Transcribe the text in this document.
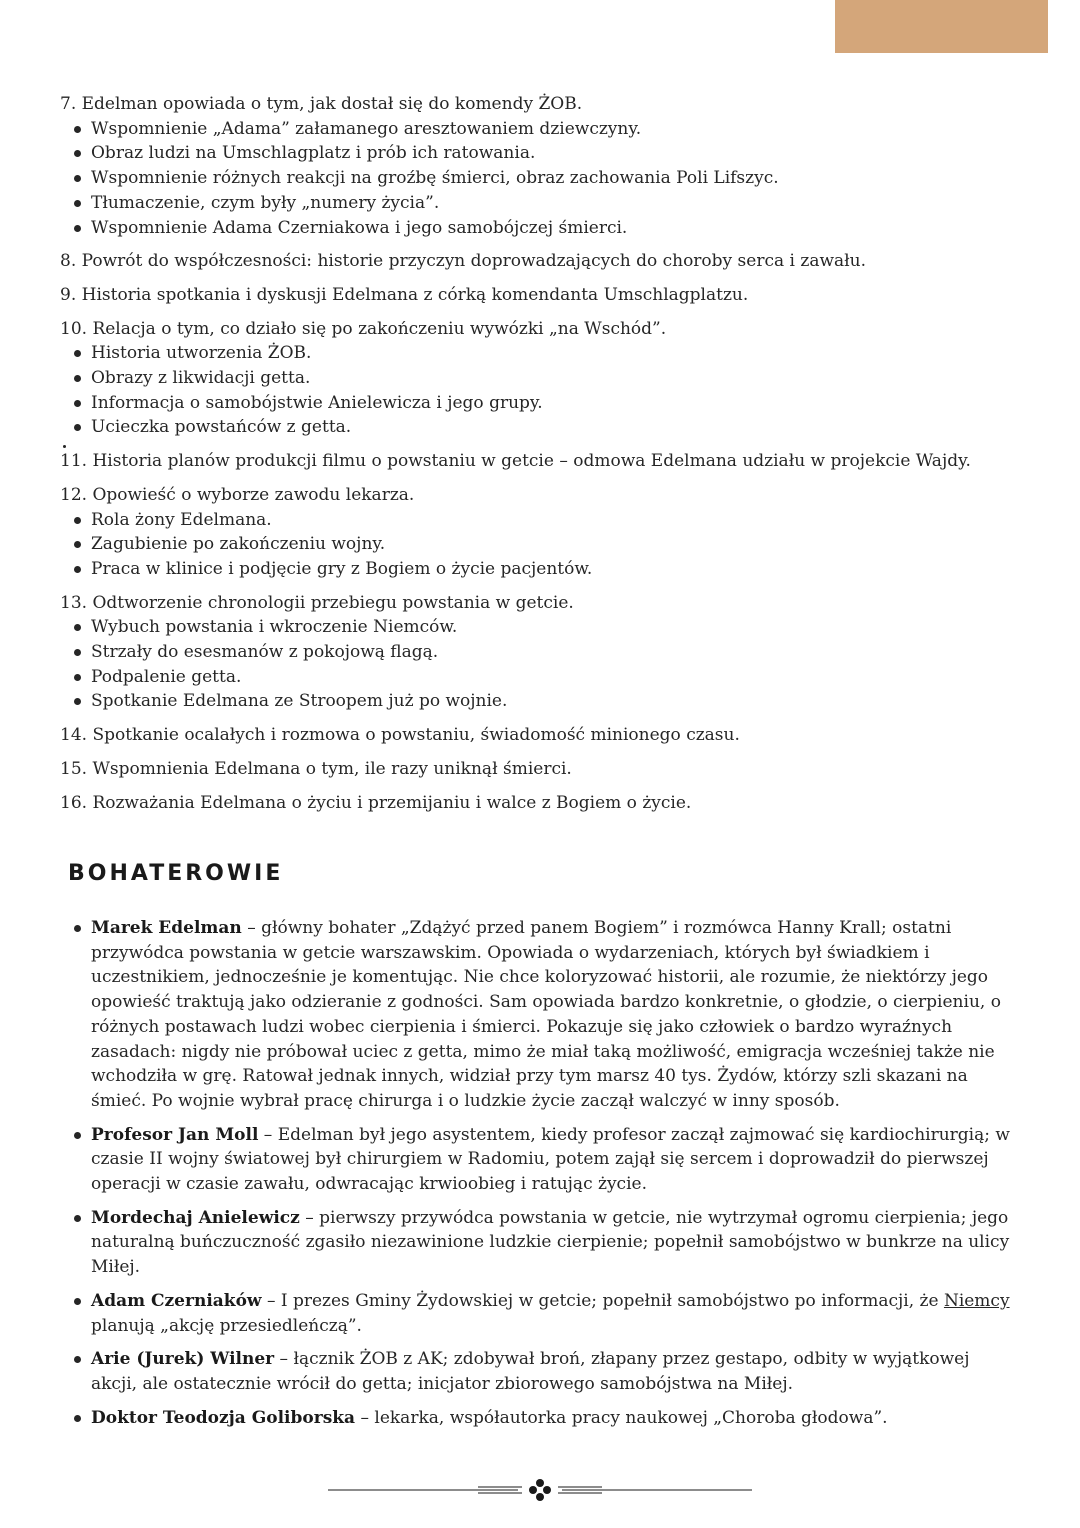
7. Edelman opowiada o tym, jak dostał się do komendy ŻOB.
Wspomnienie „Adama” załamanego aresztowaniem dziewczyny.
Obraz ludzi na Umschlagplatz i prób ich ratowania.
Wspomnienie różnych reakcji na groźbę śmierci, obraz zachowania Poli Lifszyc.
Tłumaczenie, czym były „numery życia”.
Wspomnienie Adama Czerniakowa i jego samobójczej śmierci.
8. Powrót do współczesności: historie przyczyn doprowadzających do choroby serca i zawału.
9. Historia spotkania i dyskusji Edelmana z córką komendanta Umschlagplatzu.
10. Relacja o tym, co działo się po zakończeniu wywózki „na Wschód”.
Historia utworzenia ŻOB.
Obrazy z likwidacji getta.
Informacja o samobójstwie Anielewicza i jego grupy.
Ucieczka powstańców z getta.
11. Historia planów produkcji filmu o powstaniu w getcie – odmowa Edelmana udziału w projekcie Wajdy.
12. Opowieść o wyborze zawodu lekarza.
Rola żony Edelmana.
Zagubienie po zakończeniu wojny.
Praca w klinice i podjęcie gry z Bogiem o życie pacjentów.
13. Odtworzenie chronologii przebiegu powstania w getcie.
Wybuch powstania i wkroczenie Niemców.
Strzały do esesmanów z pokojową flagą.
Podpalenie getta.
Spotkanie Edelmana ze Stroopem już po wojnie.
14. Spotkanie ocalałych i rozmowa o powstaniu, świadomość minionego czasu.
15. Wspomnienia Edelmana o tym, ile razy uniknął śmierci.
16. Rozważania Edelmana o życiu i przemijaniu i walce z Bogiem o życie.
BOHATEROWIE
Marek Edelman – główny bohater „Zdążyć przed panem Bogiem” i rozmówca Hanny Krall; ostatni przywódca powstania w getcie warszawskim. Opowiada o wydarzeniach, których był świadkiem i uczestnikiem, jednocześnie je komentując. Nie chce koloryzować historii, ale rozumie, że niektórzy jego opowieść traktują jako odzieranie z godności. Sam opowiada bardzo konkretnie, o głodzie, o cierpieniu, o różnych postawach ludzi wobec cierpienia i śmierci. Pokazuje się jako człowiek o bardzo wyraźnych zasadach: nigdy nie próbował uciec z getta, mimo że miał taką możliwość, emigracja wcześniej także nie wchodziła w grę. Ratował jednak innych, widział przy tym marsz 40 tys. Żydów, którzy szli skazani na śmieć. Po wojnie wybrał pracę chirurga i o ludzkie życie zaczął walczyć w inny sposób.
Profesor Jan Moll – Edelman był jego asystentem, kiedy profesor zaczął zajmować się kardiochirurgią; w czasie II wojny światowej był chirurgiem w Radomiu, potem zajął się sercem i doprowadził do pierwszej operacji w czasie zawału, odwracając krwioobieg i ratując życie.
Mordechaj Anielewicz – pierwszy przywódca powstania w getcie, nie wytrzymał ogromu cierpienia; jego naturalną buńczuczność zgasiło niezawinione ludzkie cierpienie; popełnił samobójstwo w bunkrze na ulicy Miłej.
Adam Czerniaków – I prezes Gminy Żydowskiej w getcie; popełnił samobójstwo po informacji, że Niemcy planują „akcję przesiedleńczą”.
Arie (Jurek) Wilner – łącznik ŻOB z AK; zdobywał broń, złapany przez gestapo, odbity w wyjątkowej akcji, ale ostatecznie wrócił do getta; inicjator zbiorowego samobójstwa na Miłej.
Doktor Teodozja Goliborska – lekarka, współautorka pracy naukowej „Choroba głodowa”.
